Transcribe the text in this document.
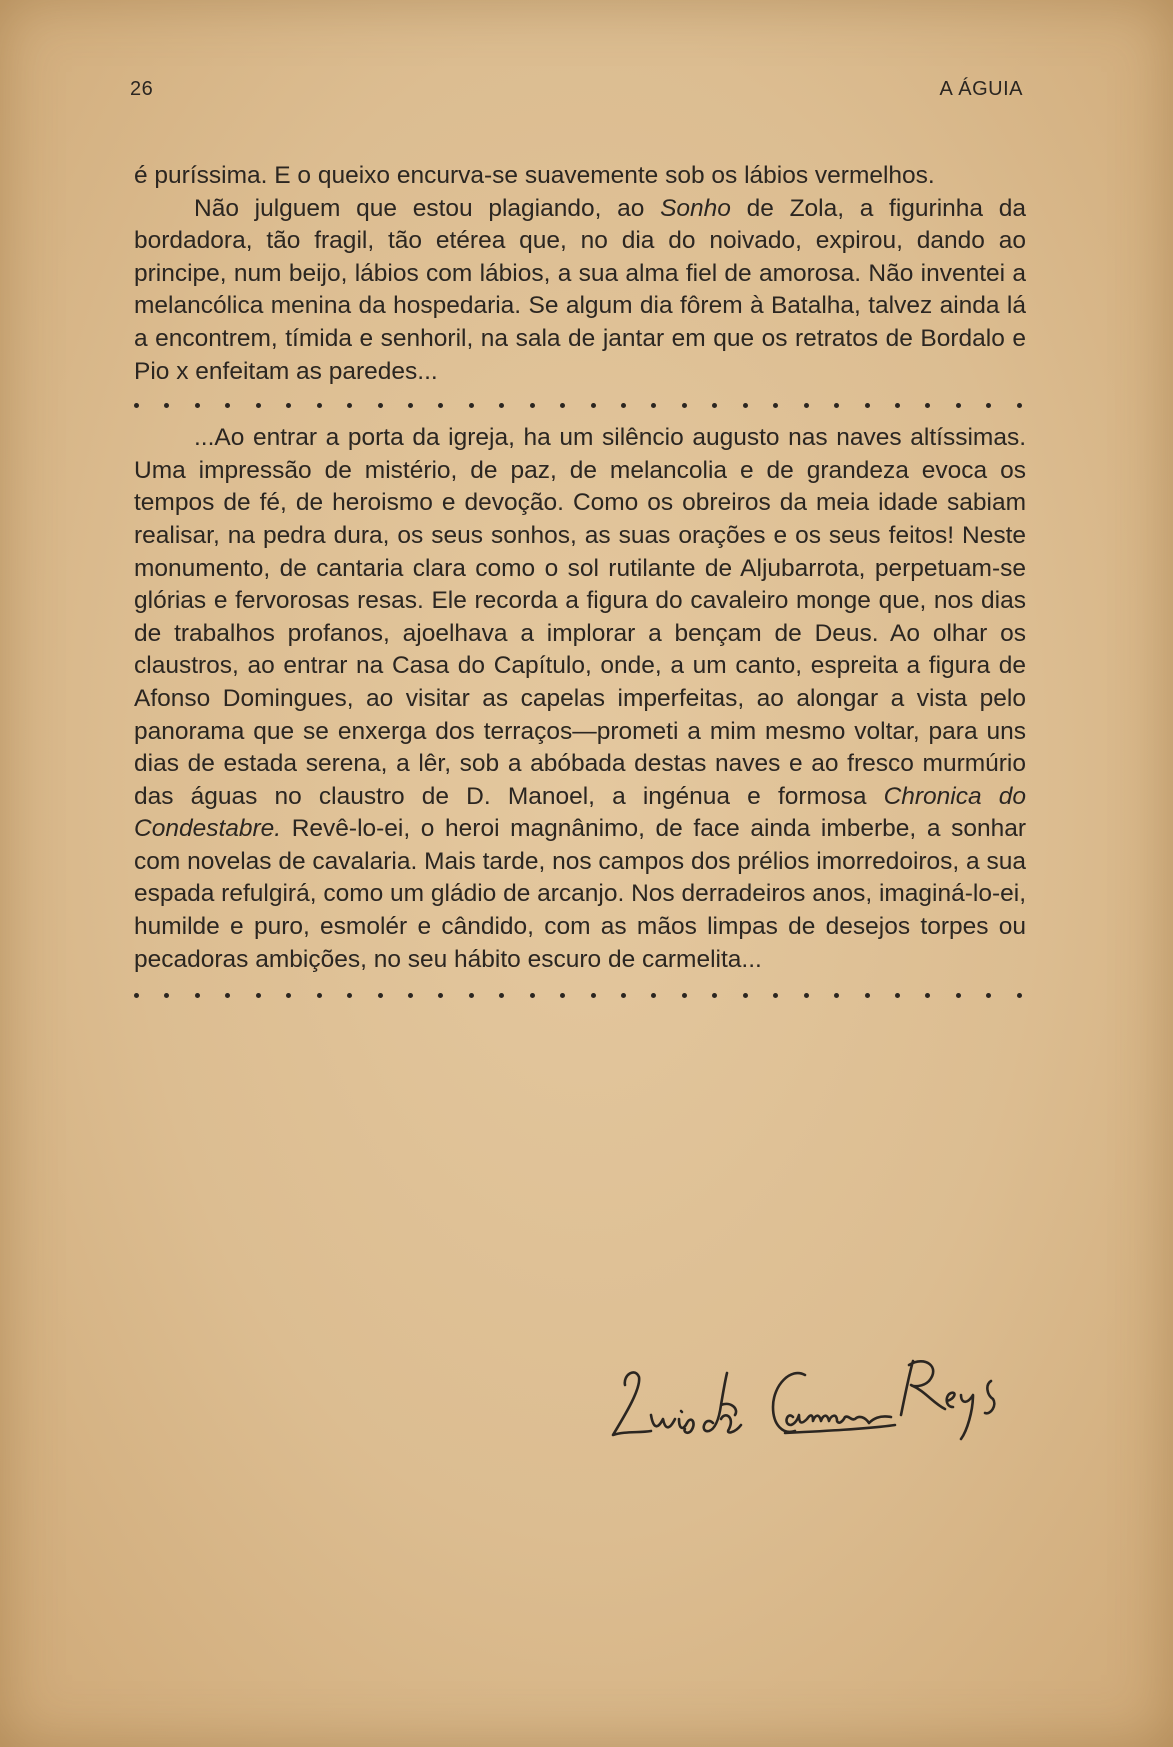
26	A ÁGUIA

é puríssima. E o queixo encurva-se suavemente sob os lábios vermelhos.

Não julguem que estou plagiando, ao Sonho de Zola, a figurinha da bordadora, tão fragil, tão etérea que, no dia do noivado, expirou, dando ao principe, num beijo, lábios com lábios, a sua alma fiel de amorosa. Não inventei a melancólica menina da hospedaria. Se algum dia fôrem à Batalha, talvez ainda lá a encontrem, tímida e senhoril, na sala de jantar em que os retratos de Bordalo e Pio x enfeitam as paredes...

...Ao entrar a porta da igreja, ha um silêncio augusto nas naves altíssimas. Uma impressão de mistério, de paz, de melancolia e de grandeza evoca os tempos de fé, de heroismo e devoção. Como os obreiros da meia idade sabiam realisar, na pedra dura, os seus sonhos, as suas orações e os seus feitos! Neste monumento, de cantaria clara como o sol rutilante de Aljubarrota, perpetuam-se glórias e fervorosas resas. Ele recorda a figura do cavaleiro monge que, nos dias de trabalhos profanos, ajoelhava a implorar a bençam de Deus. Ao olhar os claustros, ao entrar na Casa do Capítulo, onde, a um canto, espreita a figura de Afonso Domingues, ao visitar as capelas imperfeitas, ao alongar a vista pelo panorama que se enxerga dos terraços—prometi a mim mesmo voltar, para uns dias de estada serena, a lêr, sob a abóbada destas naves e ao fresco murmúrio das águas no claustro de D. Manoel, a ingénua e formosa Chronica do Condestabre. Revê-lo-ei, o heroi magnânimo, de face ainda imberbe, a sonhar com novelas de cavalaria. Mais tarde, nos campos dos prélios imorredoiros, a sua espada refulgirá, como um gládio de arcanjo. Nos derradeiros anos, imaginá-lo-ei, humilde e puro, esmolér e cândido, com as mãos limpas de desejos torpes ou pecadoras ambições, no seu hábito escuro de carmelita...
